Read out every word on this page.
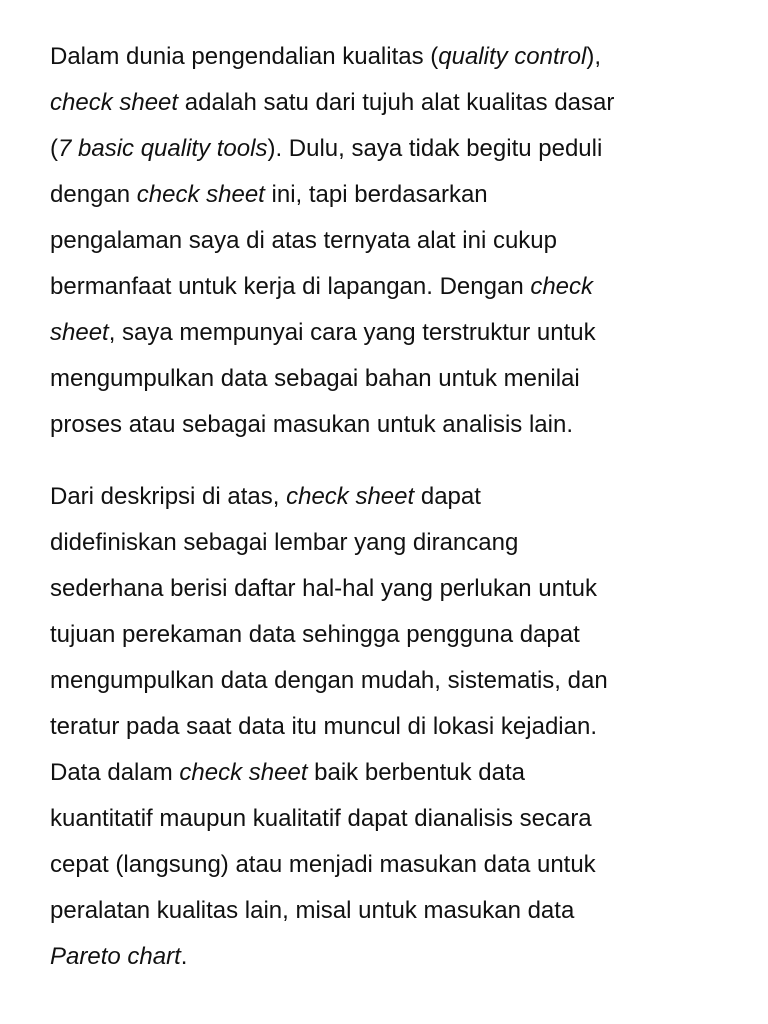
Dalam dunia pengendalian kualitas (quality control),
check sheet adalah satu dari tujuh alat kualitas dasar
(7 basic quality tools). Dulu, saya tidak begitu peduli
dengan check sheet ini, tapi berdasarkan
pengalaman saya di atas ternyata alat ini cukup
bermanfaat untuk kerja di lapangan. Dengan check
sheet, saya mempunyai cara yang terstruktur untuk
mengumpulkan data sebagai bahan untuk menilai
proses atau sebagai masukan untuk analisis lain.

Dari deskripsi di atas, check sheet dapat
didefiniskan sebagai lembar yang dirancang
sederhana berisi daftar hal-hal yang perlukan untuk
tujuan perekaman data sehingga pengguna dapat
mengumpulkan data dengan mudah, sistematis, dan
teratur pada saat data itu muncul di lokasi kejadian.
Data dalam check sheet baik berbentuk data
kuantitatif maupun kualitatif dapat dianalisis secara
cepat (langsung) atau menjadi masukan data untuk
peralatan kualitas lain, misal untuk masukan data
Pareto chart.
